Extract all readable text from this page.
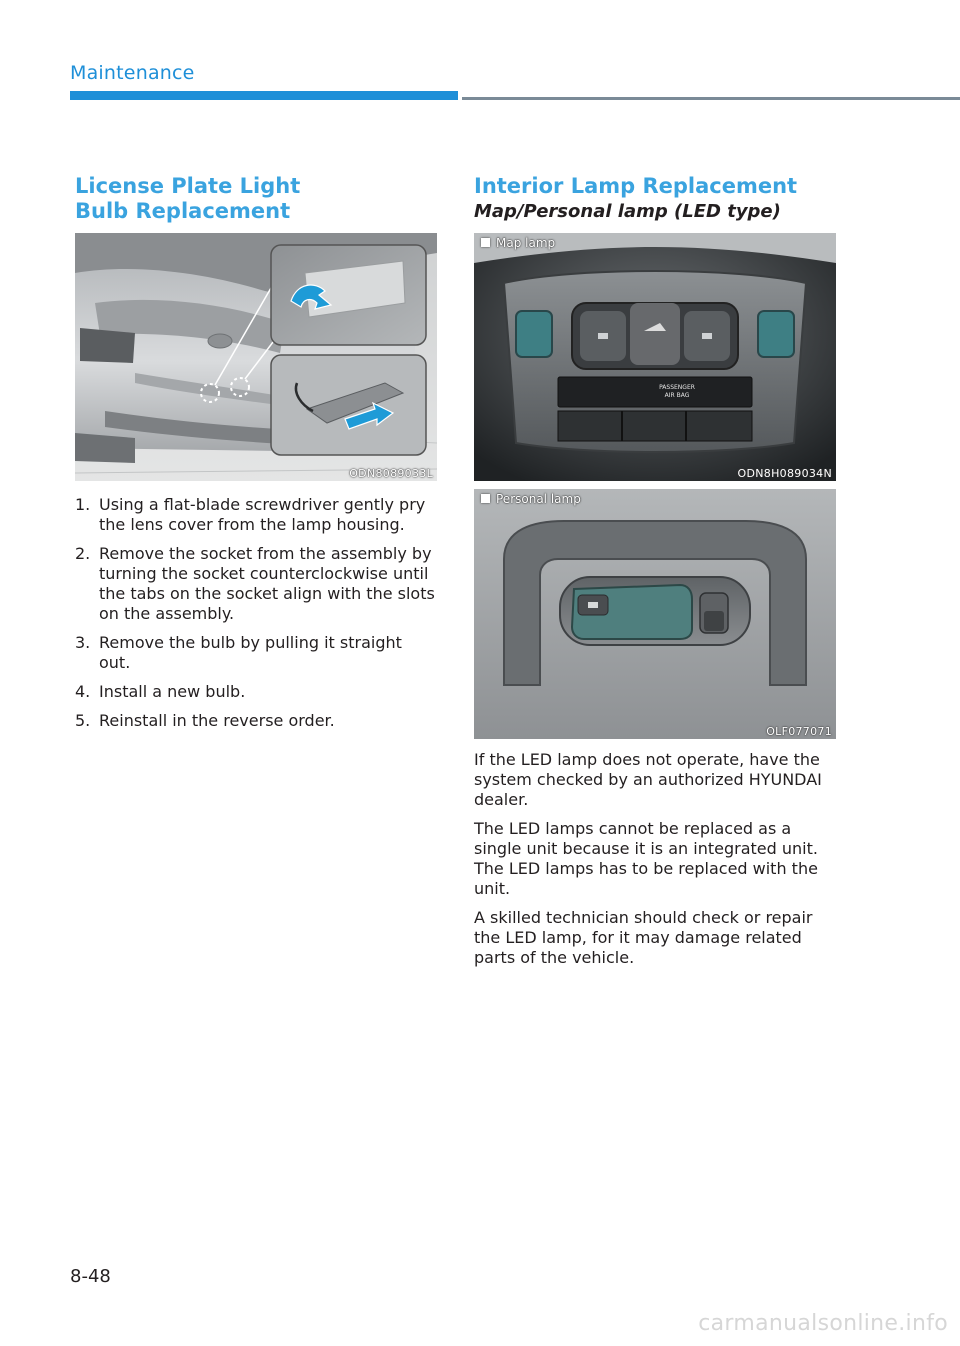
Maintenance
License Plate Light Bulb Replacement
ODN8089033L
1. Using a flat-blade screwdriver gently pry the lens cover from the lamp housing.
2. Remove the socket from the assembly by turning the socket counterclockwise until the tabs on the socket align with the slots on the assembly.
3. Remove the bulb by pulling it straight out.
4. Install a new bulb.
5. Reinstall in the reverse order.
Interior Lamp Replacement
Map/Personal lamp (LED type)
PASSENGER
AIR BAG
Map lamp
ODN8H089034N
Personal lamp
OLF077071

If the LED lamp does not operate, have the system checked by an authorized HYUNDAI dealer.

The LED lamps cannot be replaced as a single unit because it is an integrated unit. The LED lamps has to be replaced with the unit.

A skilled technician should check or repair the LED lamp, for it may damage related parts of the vehicle.

8-48
carmanualsonline.info
